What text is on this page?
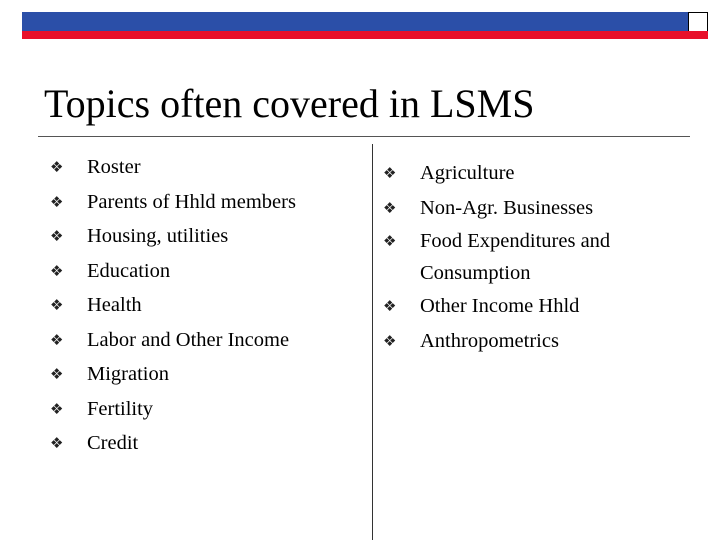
Topics often covered in LSMS
❖ Roster
❖ Parents of Hhld members
❖ Housing, utilities
❖ Education
❖ Health
❖ Labor and Other Income
❖ Migration
❖ Fertility
❖ Credit
❖ Agriculture
❖ Non-Agr. Businesses
❖ Food Expenditures and Consumption
❖ Other Income Hhld
❖ Anthropometrics
